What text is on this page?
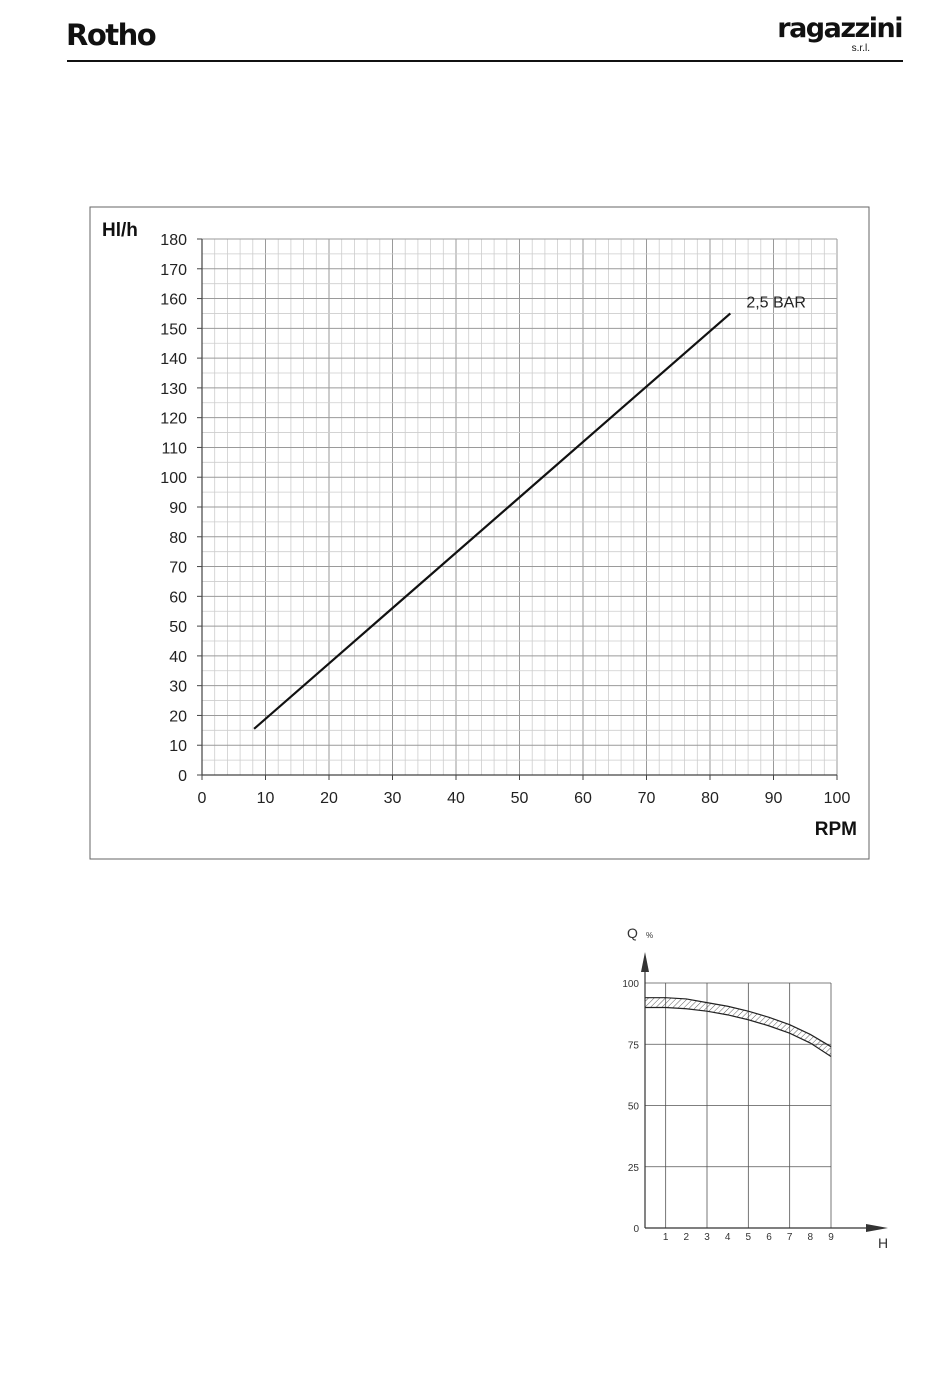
Rotho	ragazzini
s.r.l.
0
10
20
30
40
50
60
70
80
90
100
110
120
130
140
150
160
170
180
0	10	20	30	40	50	60	70	80	90	100
2,5 BAR
Hl/h
RPM
0
25
50
75
100
1 2 3 4 5 6 7 8 9
Q %
H
